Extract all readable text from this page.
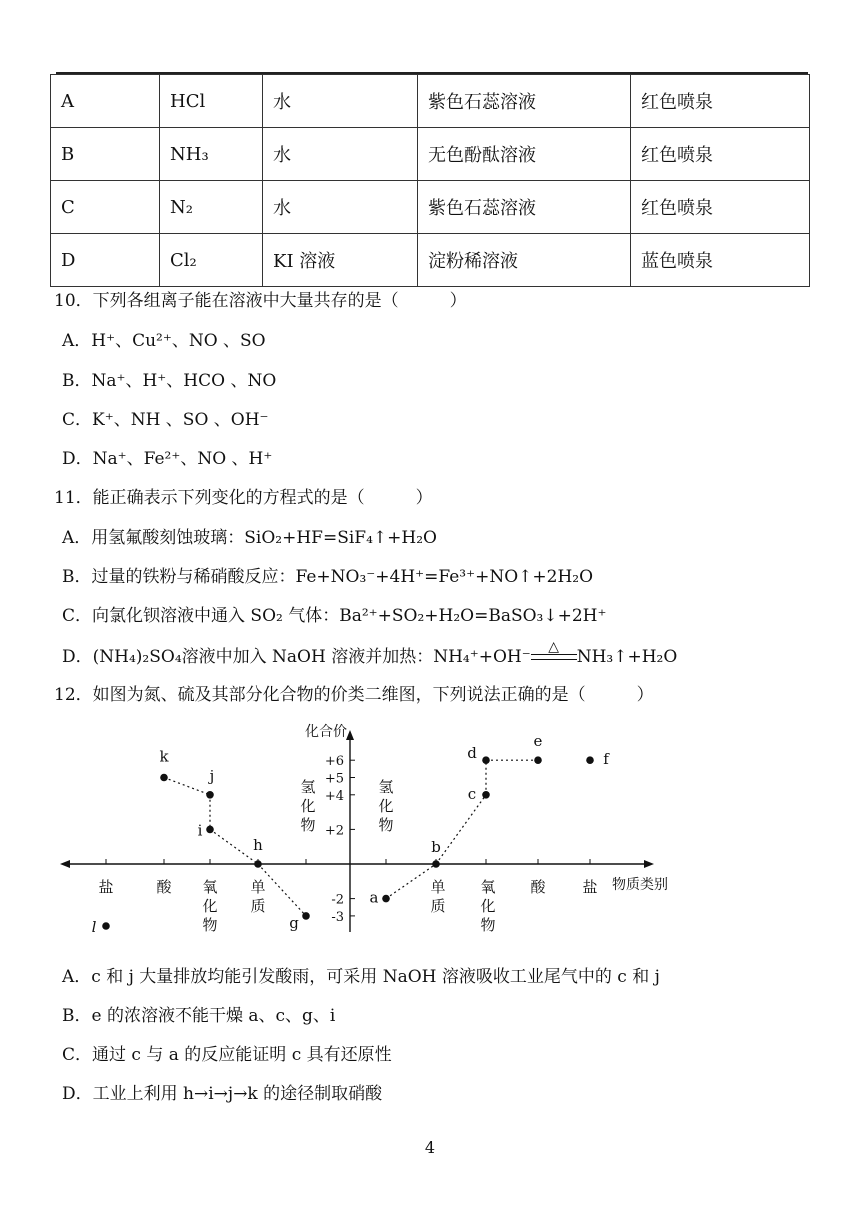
A	HCl	水	紫色石蕊溶液	红色喷泉
B	NH₃	水	无色酚酞溶液	红色喷泉
C	N₂	水	紫色石蕊溶液	红色喷泉
D	Cl₂	KI 溶液	淀粉稀溶液	蓝色喷泉
10．下列各组离子能在溶液中大量共存的是（　　　）
A．H⁺、Cu²⁺、NO 、SO
B．Na⁺、H⁺、HCO 、NO
C．K⁺、NH 、SO 、OH⁻
D．Na⁺、Fe²⁺、NO 、H⁺
11．能正确表示下列变化的方程式的是（　　　）
A．用氢氟酸刻蚀玻璃：SiO₂+HF=SiF₄↑+H₂O
B．过量的铁粉与稀硝酸反应：Fe+NO₃⁻+4H⁺=Fe³⁺+NO↑+2H₂O
C．向氯化钡溶液中通入 SO₂ 气体：Ba²⁺+SO₂+H₂O=BaSO₃↓+2H⁺
D．(NH₄)₂SO₄溶液中加入 NaOH 溶液并加热：NH₄⁺+OH⁻	△	NH₃↑+H₂O
12．如图为氮、硫及其部分化合物的价类二维图，下列说法正确的是（　　　）
化合价
物质类别
+6
+5
+4
+2
-2
-3
盐	酸 氧
化
物
单
质
单
质
氧
化
物
酸 盐
氢
化
物
氢
化
物
k
j
i
h
g
l
a
b
c
d
e
f
A．c 和 j 大量排放均能引发酸雨，可采用 NaOH 溶液吸收工业尾气中的 c 和 j
B．e 的浓溶液不能干燥 a、c、g、i
C．通过 c 与 a 的反应能证明 c 具有还原性
D．工业上利用 h→i→j→k 的途径制取硝酸
4
